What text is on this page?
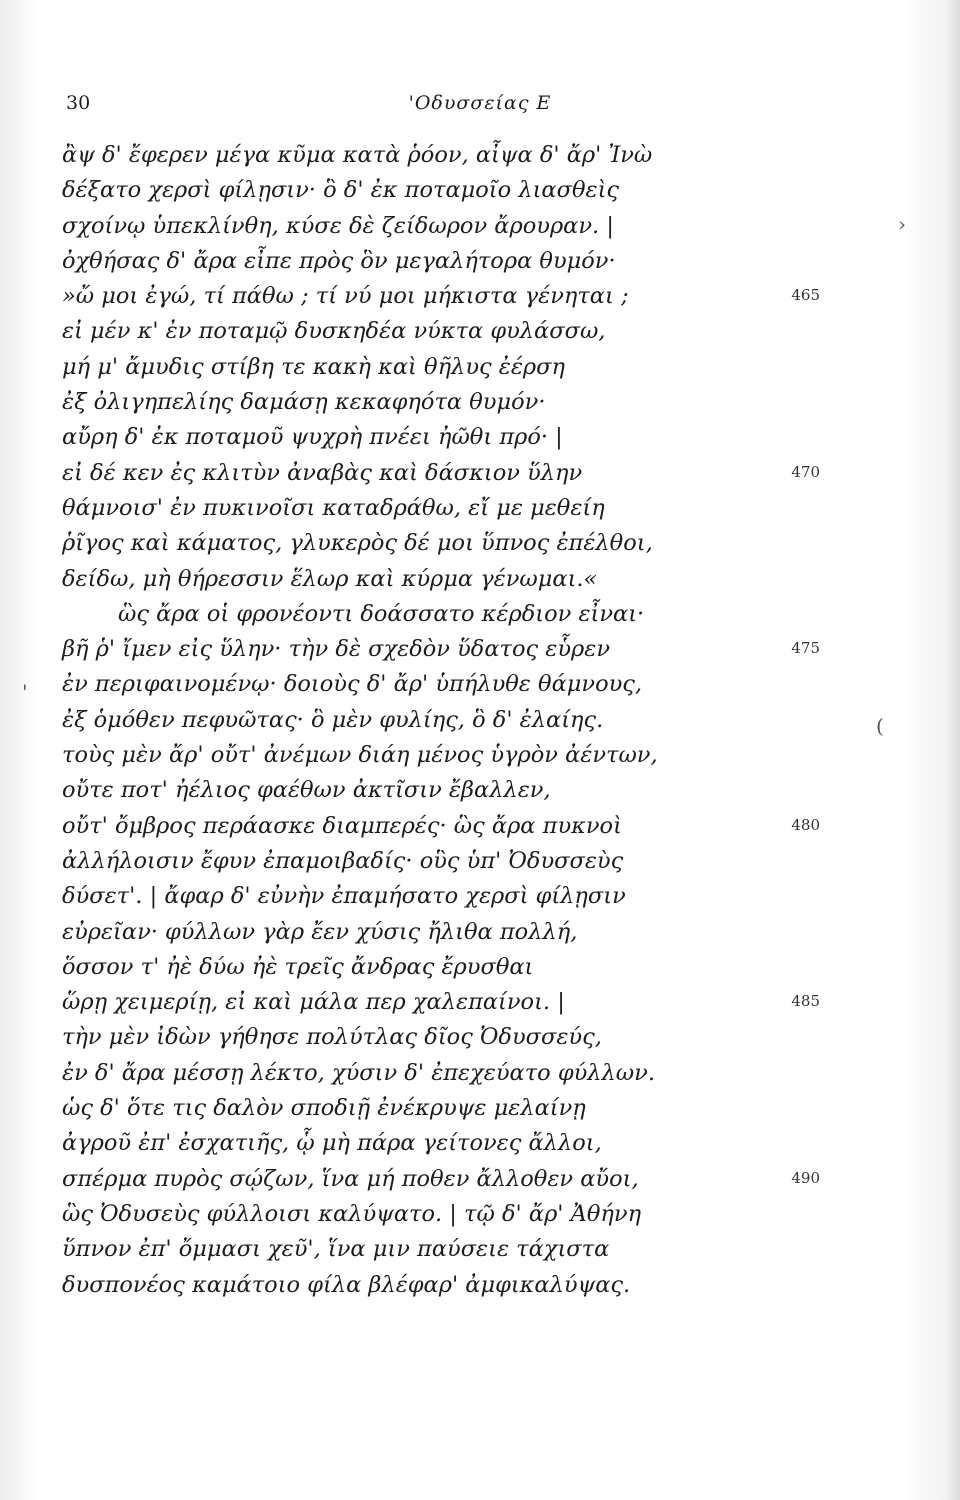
30	'Οδυσσείας Ε
ἂψ δ' ἔφερεν μέγα κῦμα κατὰ ῥόον, αἶψα δ' ἄρ' Ἰνὼ
δέξατο χερσὶ φίλῃσιν· ὃ δ' ἐκ ποταμοῖο λιασθεὶς
σχοίνῳ ὑπεκλίνθη, κύσε δὲ ζείδωρον ἄρουραν. |
ὀχθήσας δ' ἄρα εἶπε πρὸς ὃν μεγαλήτορα θυμόν·
»ὤ μοι ἐγώ, τί πάθω ; τί νύ μοι μήκιστα γένηται ;	465
εἰ μέν κ' ἐν ποταμῷ δυσκηδέα νύκτα φυλάσσω,
μή μ' ἄμυδις στίβη τε κακὴ καὶ θῆλυς ἐέρση
ἐξ ὀλιγηπελίης δαμάσῃ κεκαφηότα θυμόν·
αὔρη δ' ἐκ ποταμοῦ ψυχρὴ πνέει ἠῶθι πρό· |
εἰ δέ κεν ἐς κλιτὺν ἀναβὰς καὶ δάσκιον ὕλην	470
θάμνοισ' ἐν πυκινοῖσι καταδράθω, εἴ με μεθείη
ῥῖγος καὶ κάματος, γλυκερὸς δέ μοι ὕπνος ἐπέλθοι,
δείδω, μὴ θήρεσσιν ἕλωρ καὶ κύρμα γένωμαι.«
ὣς ἄρα οἱ φρονέοντι δοάσσατο κέρδιον εἶναι·
βῆ ῥ' ἴμεν εἰς ὕλην· τὴν δὲ σχεδὸν ὕδατος εὗρεν	475
ἐν περιφαινομένῳ· δοιοὺς δ' ἄρ' ὑπήλυθε θάμνους,
ἐξ ὁμόθεν πεφυῶτας· ὃ μὲν φυλίης, ὃ δ' ἐλαίης.
τοὺς μὲν ἄρ' οὔτ' ἀνέμων διάη μένος ὑγρὸν ἀέντων,
οὔτε ποτ' ἠέλιος φαέθων ἀκτῖσιν ἔβαλλεν,
οὔτ' ὄμβρος περάασκε διαμπερές· ὣς ἄρα πυκνοὶ	480
ἀλλήλοισιν ἔφυν ἐπαμοιβαδίς· οὓς ὑπ' Ὀδυσσεὺς
δύσετ'. | ἄφαρ δ' εὐνὴν ἐπαμήσατο χερσὶ φίλῃσιν
εὐρεῖαν· φύλλων γὰρ ἔεν χύσις ἤλιθα πολλή,
ὅσσον τ' ἠὲ δύω ἠὲ τρεῖς ἄνδρας ἔρυσθαι
ὥρῃ χειμερίῃ, εἰ καὶ μάλα περ χαλεπαίνοι. |	485
τὴν μὲν ἰδὼν γήθησε πολύτλας δῖος Ὀδυσσεύς,
ἐν δ' ἄρα μέσσῃ λέκτο, χύσιν δ' ἐπεχεύατο φύλλων.
ὡς δ' ὅτε τις δαλὸν σποδιῇ ἐνέκρυψε μελαίνῃ
ἀγροῦ ἐπ' ἐσχατιῆς, ᾧ μὴ πάρα γείτονες ἄλλοι,
σπέρμα πυρὸς σῴζων, ἵνα μή ποθεν ἄλλοθεν αὔοι,	490
ὣς Ὀδυσεὺς φύλλοισι καλύψατο. | τῷ δ' ἄρ' Ἀθήνη
ὕπνον ἐπ' ὄμμασι χεῦ', ἵνα μιν παύσειε τάχιστα
δυσπονέος καμάτοιο φίλα βλέφαρ' ἀμφικαλύψας.
›
(
'
